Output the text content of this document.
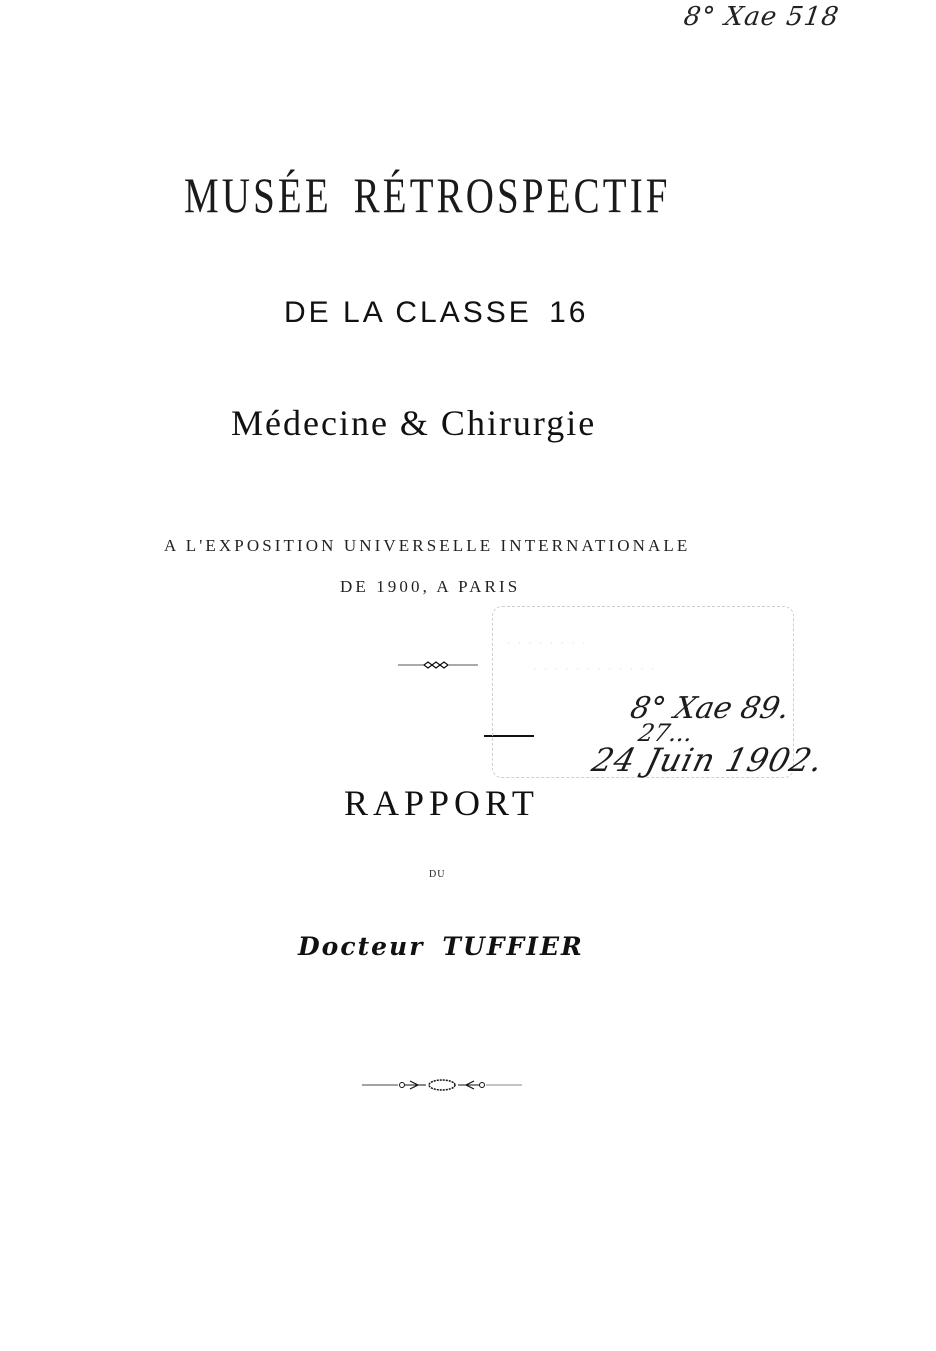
8° Xae 518
MUSÉE RÉTROSPECTIF
DE LA CLASSE 16
Médecine & Chirurgie
A L'EXPOSITION UNIVERSELLE INTERNATIONALE
DE 1900, A PARIS
· · · · · · · ·
· · · · · · · · · · · ·
8° Xae 89.
27...
24 Juin 1902.
RAPPORT
DU
Docteur TUFFIER
